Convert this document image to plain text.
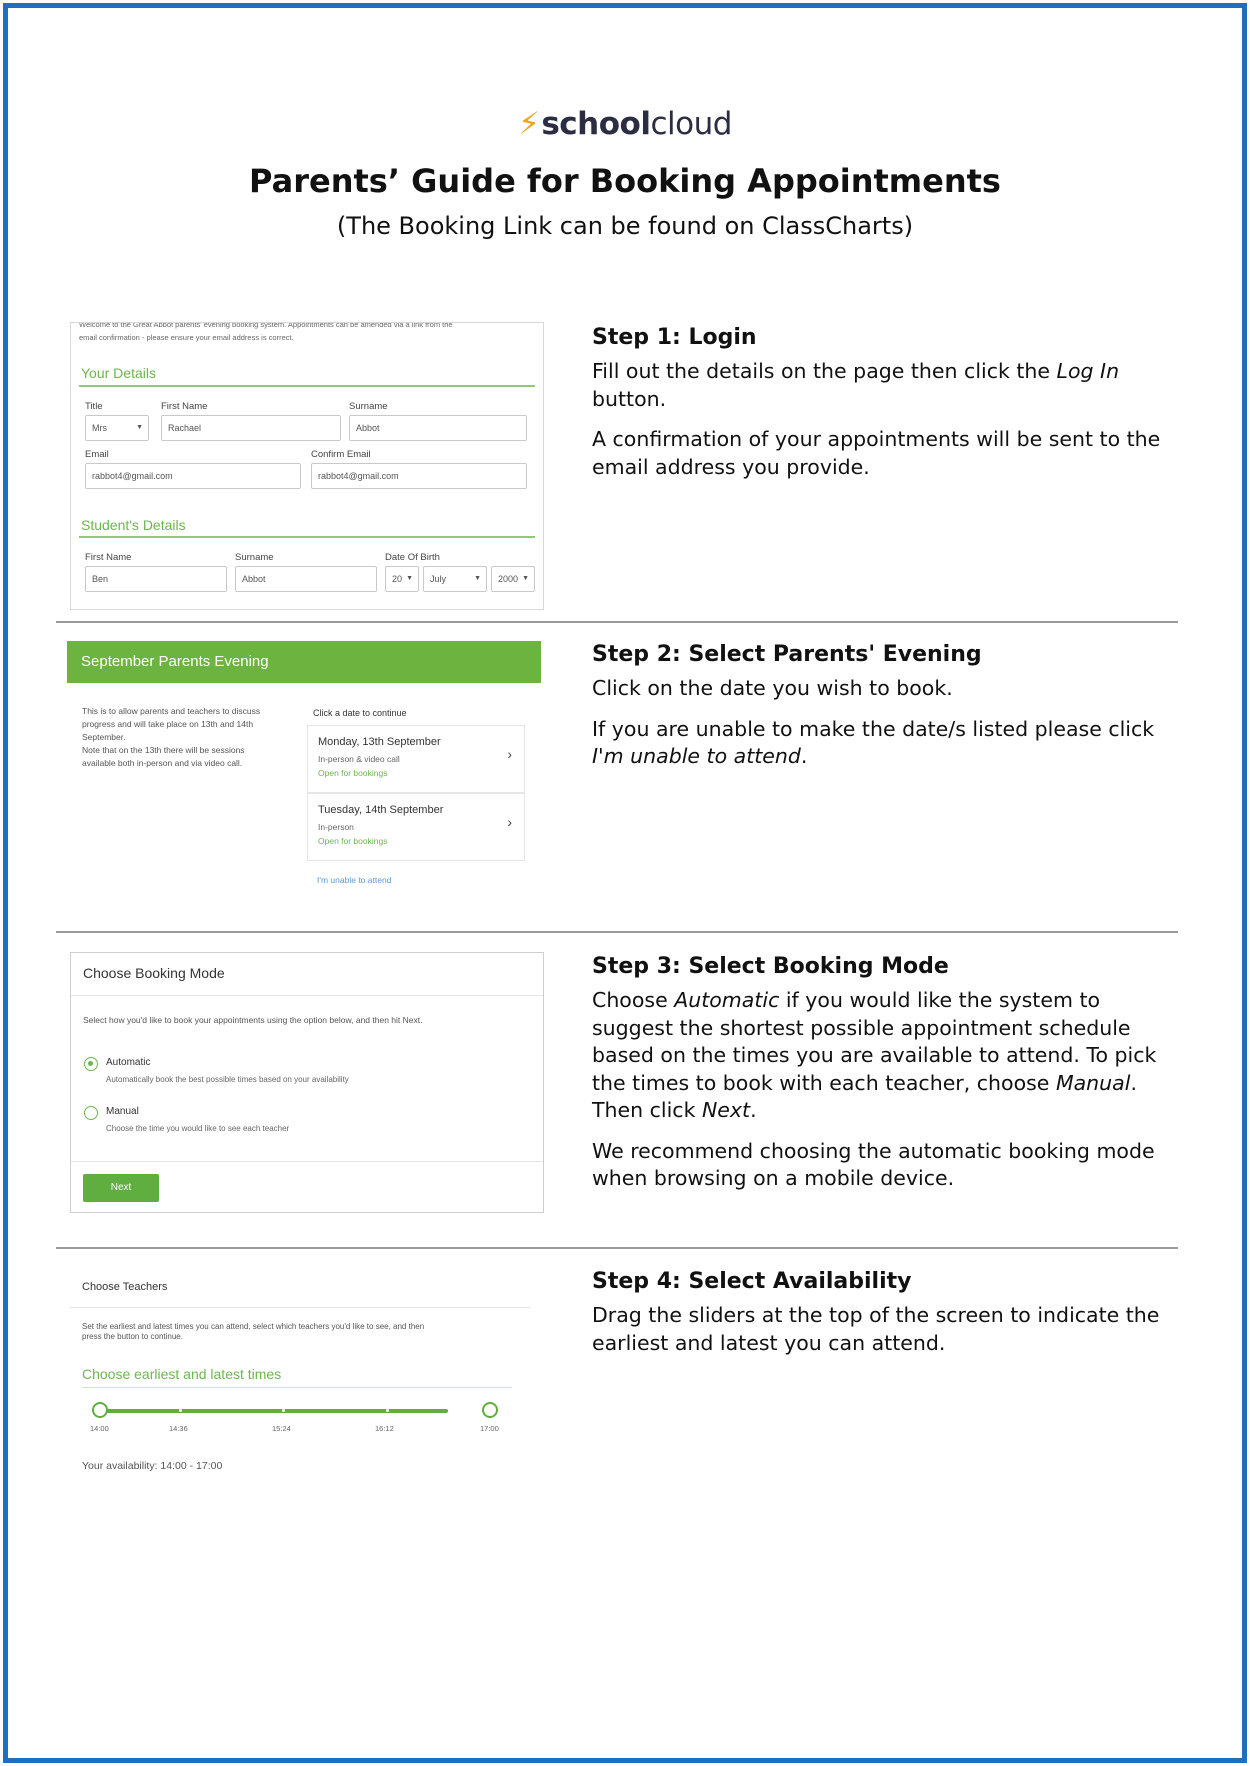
⚡schoolcloud
Parents’ Guide for Booking Appointments
(The Booking Link can be found on ClassCharts)
Welcome to the Great Abbot parents' evening booking system. Appointments can be amended via a link from the
email confirmation - please ensure your email address is correct.
Your Details
Title
Mrs	▼
First Name
Rachael
Surname
Abbot
Email
rabbot4@gmail.com
Confirm Email
rabbot4@gmail.com
Student's Details
First Name
Ben
Surname
Abbot
Date Of Birth
20 ▼	July	▼	2000 ▼
Step 1: Login

Fill out the details on the page then click the Log In button.

A confirmation of your appointments will be sent to the email address you provide.

September Parents Evening
This is to allow parents and teachers to discuss
progress and will take place on 13th and 14th
September.
Note that on the 13th there will be sessions
available both in-person and via video call.
Click a date to continue
Monday, 13th September
In-person & video call
Open for bookings
›
Tuesday, 14th September
In-person
Open for bookings
›
I'm unable to attend
Step 2: Select Parents' Evening

Click on the date you wish to book.

If you are unable to make the date/s listed please click I'm unable to attend.

Choose Booking Mode
Select how you'd like to book your appointments using the option below, and then hit Next.
Automatic
Automatically book the best possible times based on your availability
Manual
Choose the time you would like to see each teacher
Next
Step 3: Select Booking Mode

Choose Automatic if you would like the system to suggest the shortest possible appointment schedule based on the times you are available to attend. To pick the times to book with each teacher, choose Manual. Then click Next.

We recommend choosing the automatic booking mode when browsing on a mobile device.

Choose Teachers
Set the earliest and latest times you can attend, select which teachers you'd like to see, and then
press the button to continue.
Choose earliest and latest times
14:00	14:36	15:24	16:12	17:00
Your availability: 14:00 - 17:00
Step 4: Select Availability

Drag the sliders at the top of the screen to indicate the earliest and latest you can attend.
